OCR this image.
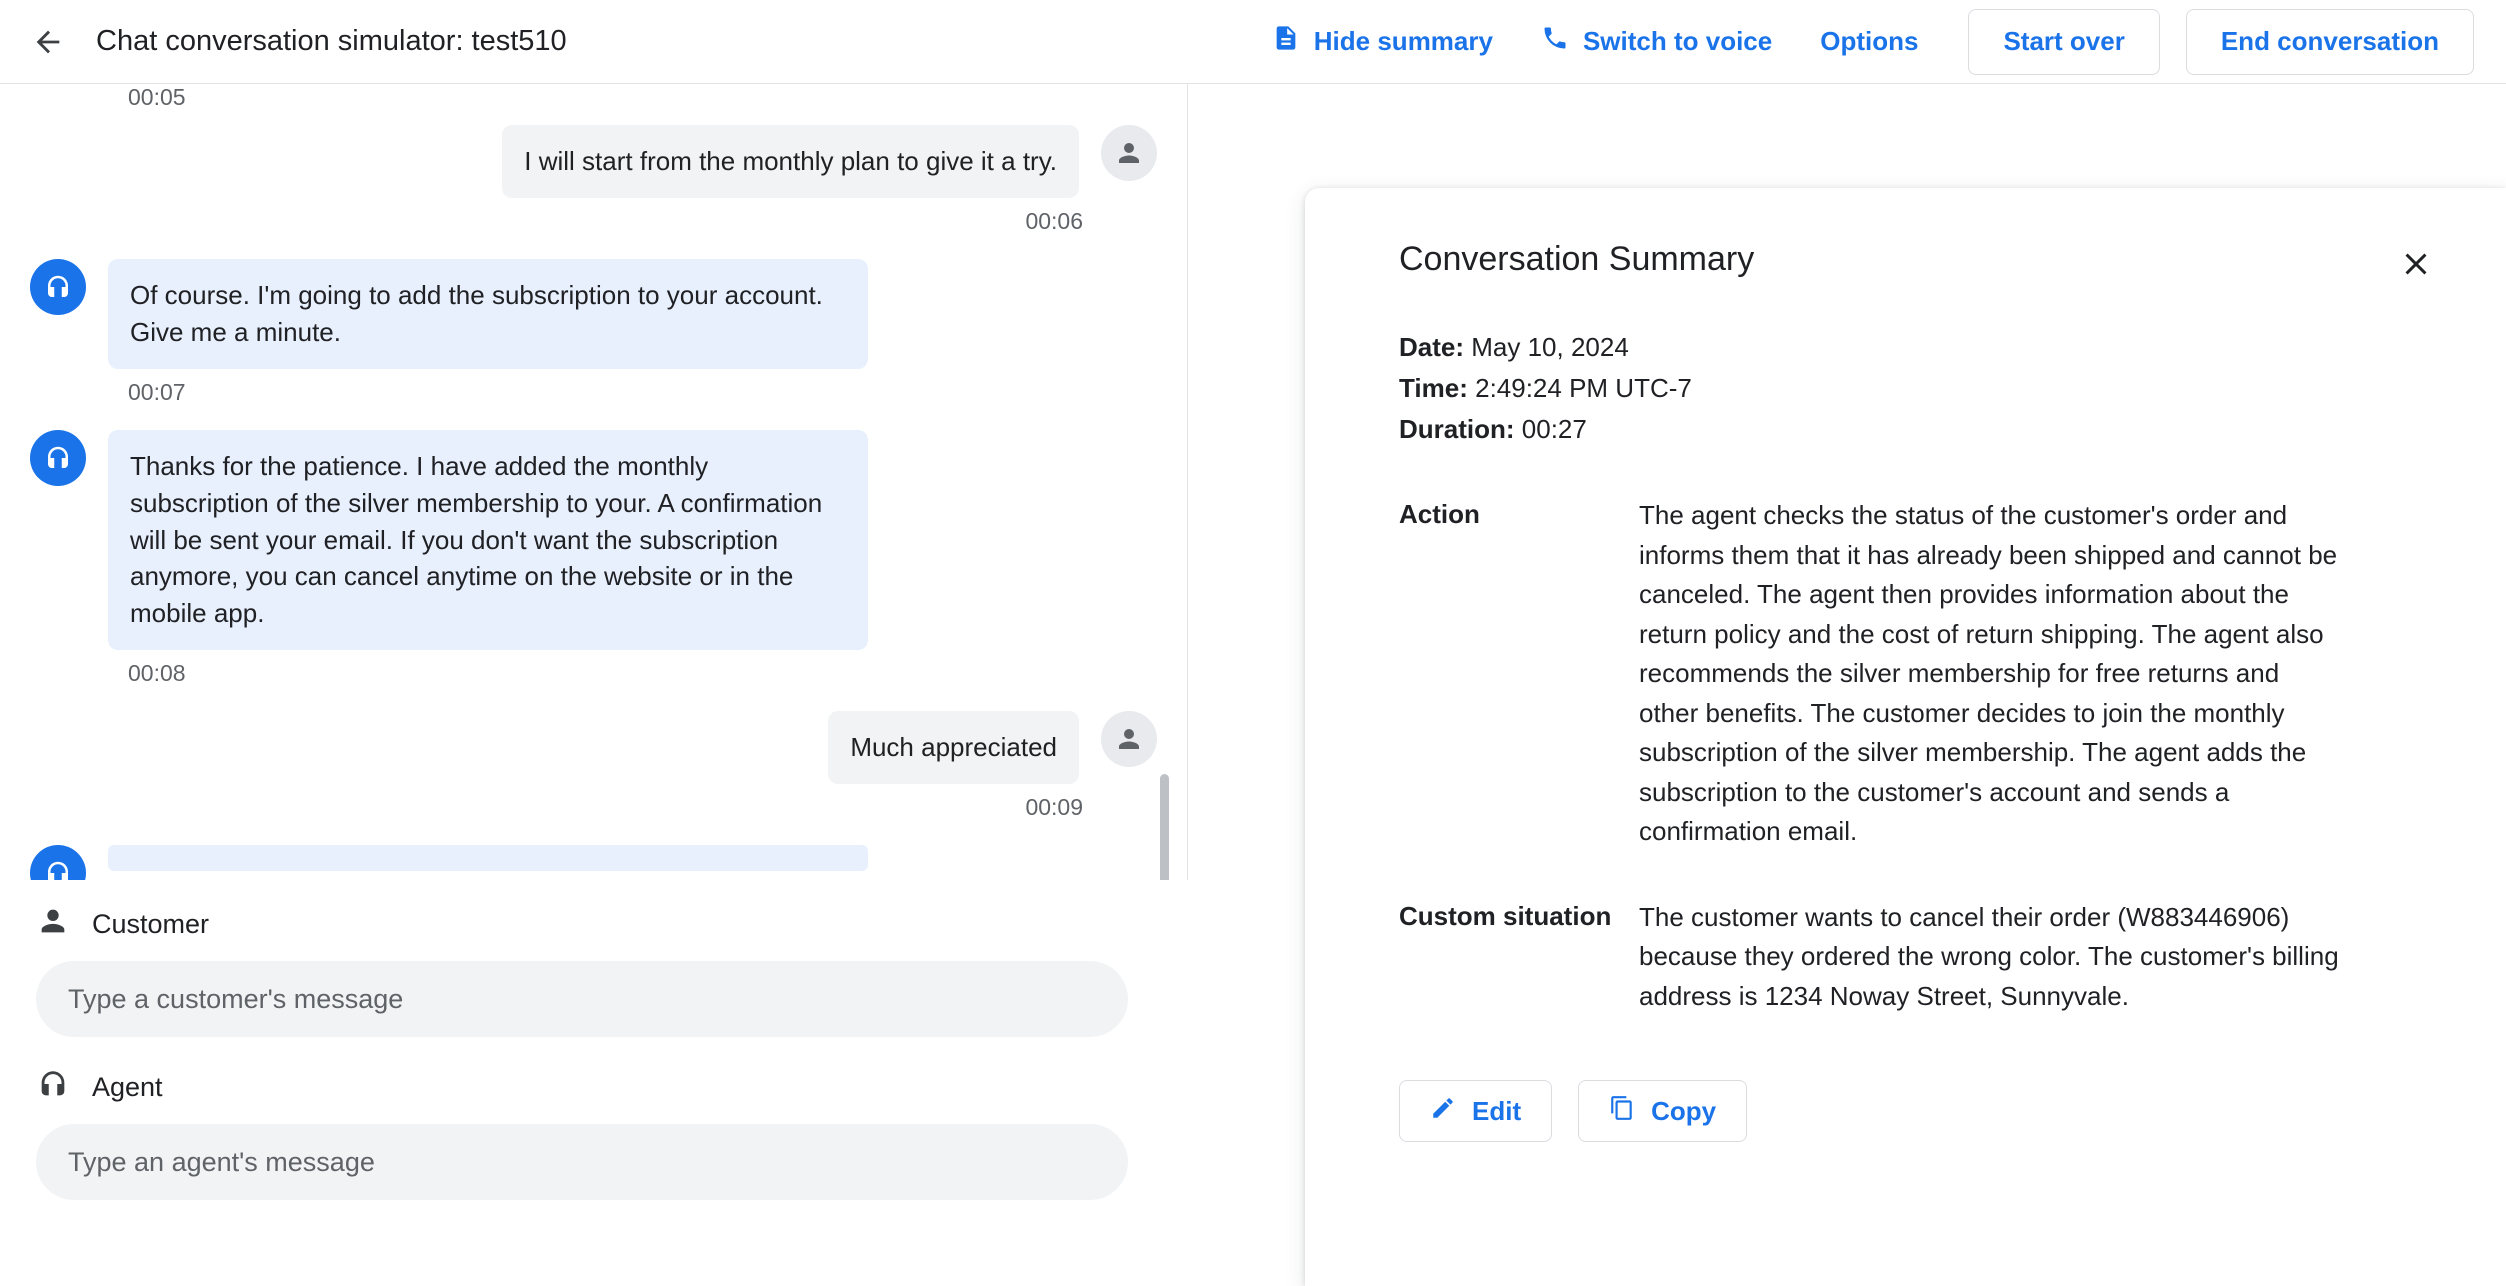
Chat conversation simulator: test510	Hide summary	Switch to voice Options	Start over	End conversation
00:05
I will start from the monthly plan to give it a try.
00:06
Of course. I'm going to add the subscription to your account. Give me a minute.
00:07
Thanks for the patience. I have added the monthly subscription of the silver membership to your. A confirmation will be sent your email. If you don't want the subscription anymore, you can cancel anytime on the website or in the mobile app.
00:08
Much appreciated
00:09
Customer
Type a customer's message
Agent
Type an agent's message
Conversation Summary
Date: May 10, 2024
Time: 2:49:24 PM UTC-7
Duration: 00:27
Action	The agent checks the status of the customer's order and informs them that it has already been shipped and cannot be canceled. The agent then provides information about the return policy and the cost of return shipping. The agent also recommends the silver membership for free returns and other benefits. The customer decides to join the monthly subscription of the silver membership. The agent adds the subscription to the customer's account and sends a confirmation email.
Custom situation	The customer wants to cancel their order (W883446906) because they ordered the wrong color. The customer's billing address is 1234 Noway Street, Sunnyvale.
Edit	Copy
